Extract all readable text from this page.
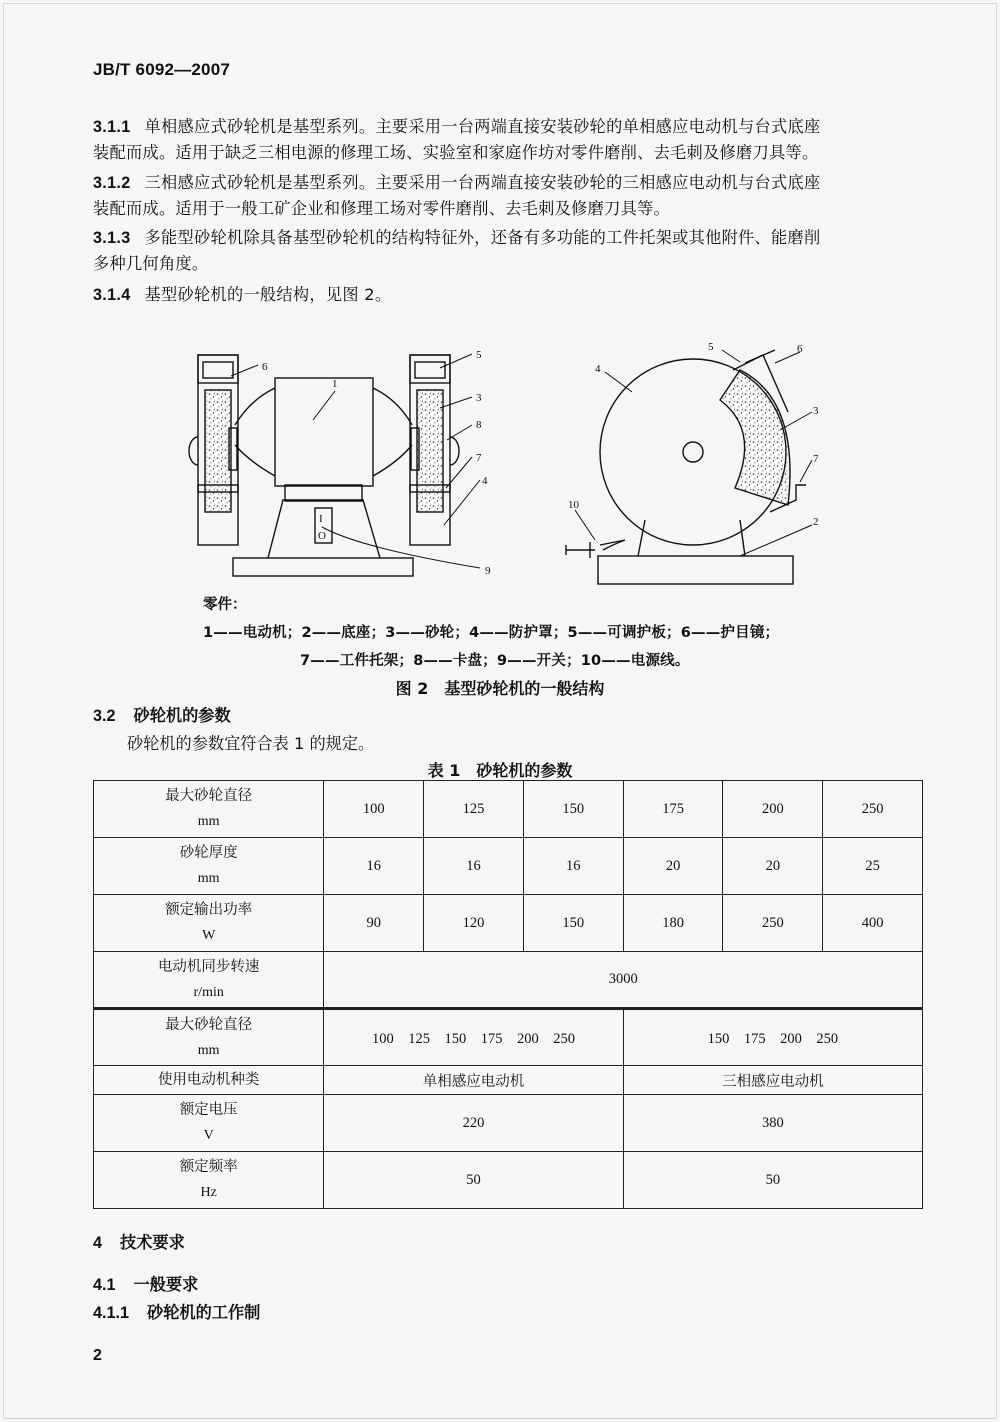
JB/T 6092—2007
3.1.1 单相感应式砂轮机是基型系列。主要采用一台两端直接安装砂轮的单相感应电动机与台式底座
装配而成。适用于缺乏三相电源的修理工场、实验室和家庭作坊对零件磨削、去毛刺及修磨刀具等。
3.1.2 三相感应式砂轮机是基型系列。主要采用一台两端直接安装砂轮的三相感应电动机与台式底座
装配而成。适用于一般工矿企业和修理工场对零件磨削、去毛刺及修磨刀具等。
3.1.3 多能型砂轮机除具备基型砂轮机的结构特征外，还备有多功能的工件托架或其他附件、能磨削
多种几何角度。
3.1.4 基型砂轮机的一般结构，见图 2。
1
6
5
3
8
7
4
9
I
O
4
5	6
3
7
2
10
零件：
1——电动机；2——底座；3——砂轮；4——防护罩；5——可调护板；6——护目镜；
7——工件托架；8——卡盘；9——开关；10——电源线。
图 2　基型砂轮机的一般结构
3.2 砂轮机的参数
砂轮机的参数宜符合表 1 的规定。
表 1　砂轮机的参数
最大砂轮直径
mm	100	125	150	175	200	250

砂轮厚度
mm	16	16	16	20	20	25

额定输出功率
W	90	120	150	180	250	400

电动机同步转速
r/min	3000					

最大砂轮直径
mm	100　125　150　175　200　250			150　175　200　250		

使用电动机种类	单相感应电动机			三相感应电动机		

额定电压
V	220			380		

额定频率
Hz	50			50		
4 技术要求
4.1 一般要求
4.1.1 砂轮机的工作制
2
